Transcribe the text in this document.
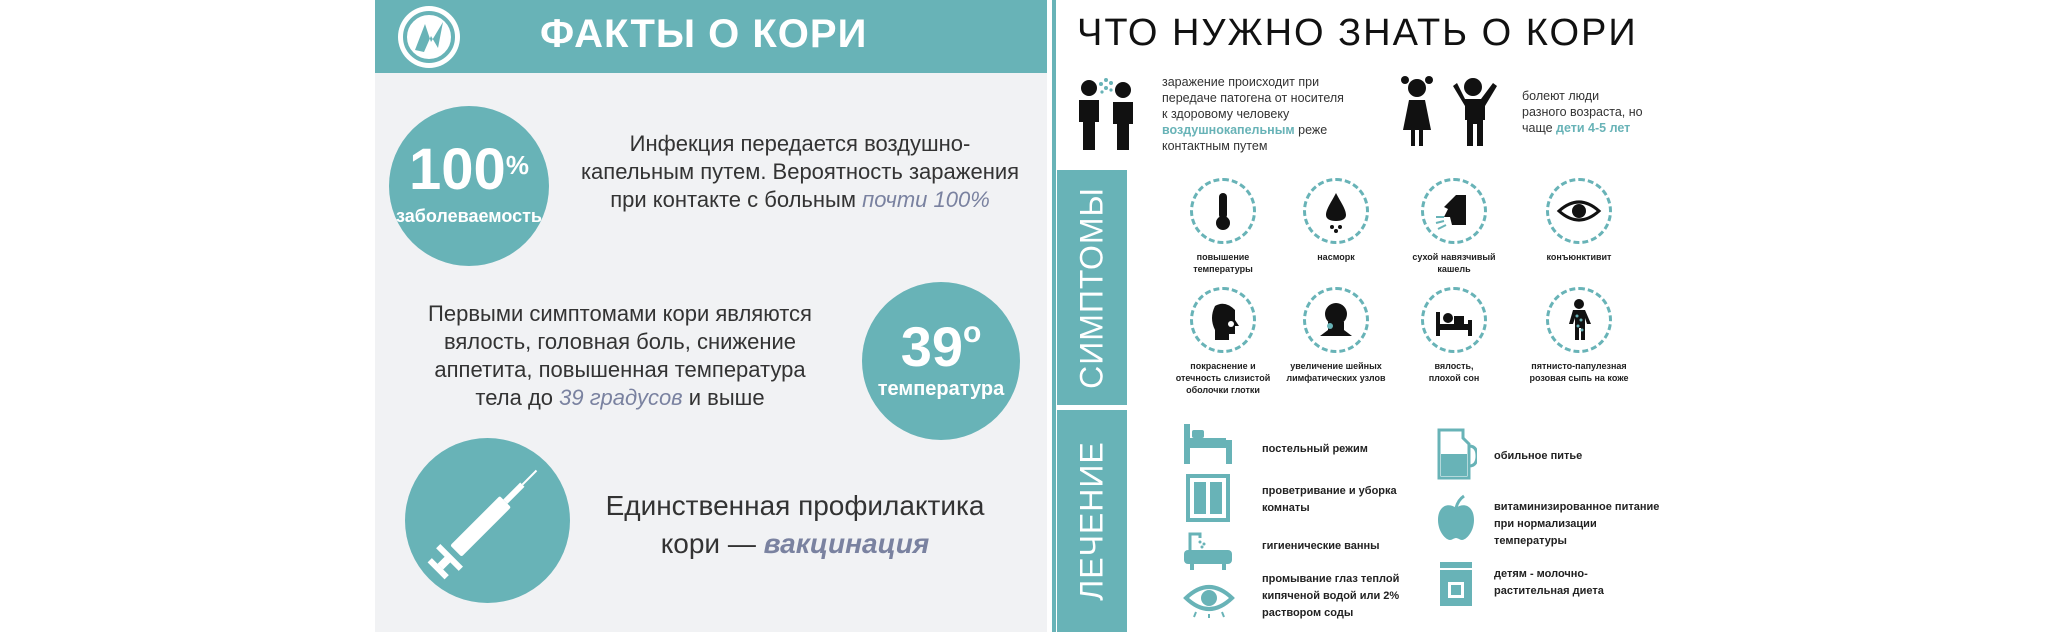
ФАКТЫ О КОРИ
100%
заболеваемость
Инфекция передается воздушно-
капельным путем. Вероятность заражения
при контакте с больным почти 100%
Первыми симптомами кори являются
вялость, головная боль, снижение
аппетита, повышенная температура
тела до 39 градусов и выше
39$^o$
температура
Единственная профилактика
кори — вакцинация
ЧТО НУЖНО ЗНАТЬ О КОРИ
заражение происходит при
передаче патогена от носителя
к здоровому человеку
воздушнокапельным реже
контактным путем
болеют люди
разного возраста, но
чаще дети 4-5 лет
СИМПТОМЫ
ЛЕЧЕНИЕ
повышение
температуры
насморк	сухой навязчивый
кашель
конъюнктивит
покраснение и
отечность слизистой
оболочки глотки
увеличение шейных
лимфатических узлов
вялость,
плохой сон
пятнисто-папулезная
розовая сыпь на коже
постельный режим
проветривание и уборка
комнаты
гигиенические ванны
промывание глаз теплой
кипяченой водой или 2%
раствором соды
обильное питье
витаминизированное питание
при нормализации
температуры
детям - молочно-
растительная диета
